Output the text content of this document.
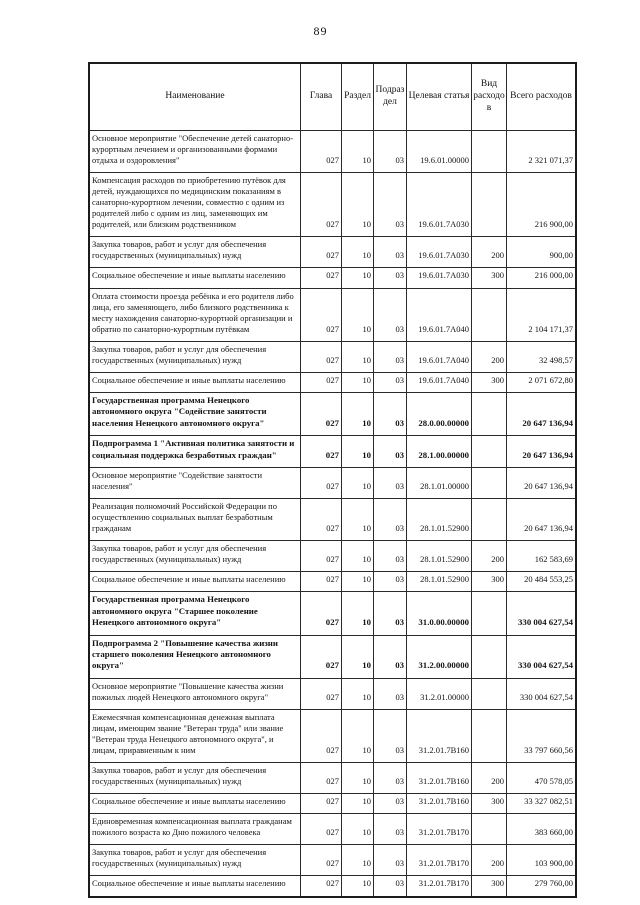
89
Наименование	Глава	Раздел	Подраздел	Целевая статья	Вид расходов	Всего расходов
Основное мероприятие "Обеспечение детей санаторно-курортным лечением и организованными формами отдыха и оздоровления"	027	10	03	19.6.01.00000		2 321 071,37
Компенсация расходов по приобретению путёвок для детей, нуждающихся по медицинским показаниям в санаторно-курортном лечении, совместно с одним из родителей либо с одним из лиц, заменяющих им родителей, или близким родственником	027	10	03	19.6.01.7А030		216 900,00
Закупка товаров, работ и услуг для обеспечения государственных (муниципальных) нужд	027	10	03	19.6.01.7А030	200	900,00
Социальное обеспечение и иные выплаты населению	027	10	03	19.6.01.7А030	300	216 000,00
Оплата стоимости проезда ребёнка и его родителя либо лица, его заменяющего, либо близкого родственника к месту нахождения санаторно-курортной организации и обратно по санаторно-курортным путёвкам	027	10	03	19.6.01.7А040		2 104 171,37
Закупка товаров, работ и услуг для обеспечения государственных (муниципальных) нужд	027	10	03	19.6.01.7А040	200	32 498,57
Социальное обеспечение и иные выплаты населению	027	10	03	19.6.01.7А040	300	2 071 672,80
Государственная программа Ненецкого автономного округа "Содействие занятости населения Ненецкого автономного округа"	027	10	03	28.0.00.00000		20 647 136,94
Подпрограмма 1 "Активная политика занятости и социальная поддержка безработных граждан"	027	10	03	28.1.00.00000		20 647 136,94
Основное мероприятие "Содействие занятости населения"	027	10	03	28.1.01.00000		20 647 136,94
Реализация полномочий Российской Федерации по осуществлению социальных выплат безработным гражданам	027	10	03	28.1.01.52900		20 647 136,94
Закупка товаров, работ и услуг для обеспечения государственных (муниципальных) нужд	027	10	03	28.1.01.52900	200	162 583,69
Социальное обеспечение и иные выплаты населению	027	10	03	28.1.01.52900	300	20 484 553,25
Государственная программа Ненецкого автономного округа "Старшее поколение Ненецкого автономного округа"	027	10	03	31.0.00.00000		330 004 627,54
Подпрограмма 2 "Повышение качества жизни старшего поколения Ненецкого автономного округа"	027	10	03	31.2.00.00000		330 004 627,54
Основное мероприятие "Повышение качества жизни пожилых людей Ненецкого автономного округа"	027	10	03	31.2.01.00000		330 004 627,54
Ежемесячная компенсационная денежная выплата лицам, имеющим звание "Ветеран труда" или звание "Ветеран труда Ненецкого автономного округа", и лицам, приравненным к ним	027	10	03	31.2.01.7В160		33 797 660,56
Закупка товаров, работ и услуг для обеспечения государственных (муниципальных) нужд	027	10	03	31.2.01.7В160	200	470 578,05
Социальное обеспечение и иные выплаты населению	027	10	03	31.2.01.7В160	300	33 327 082,51
Единовременная компенсационная выплата гражданам пожилого возраста ко Дню пожилого человека	027	10	03	31.2.01.7В170		383 660,00
Закупка товаров, работ и услуг для обеспечения государственных (муниципальных) нужд	027	10	03	31.2.01.7В170	200	103 900,00
Социальное обеспечение и иные выплаты населению	027	10	03	31.2.01.7В170	300	279 760,00
